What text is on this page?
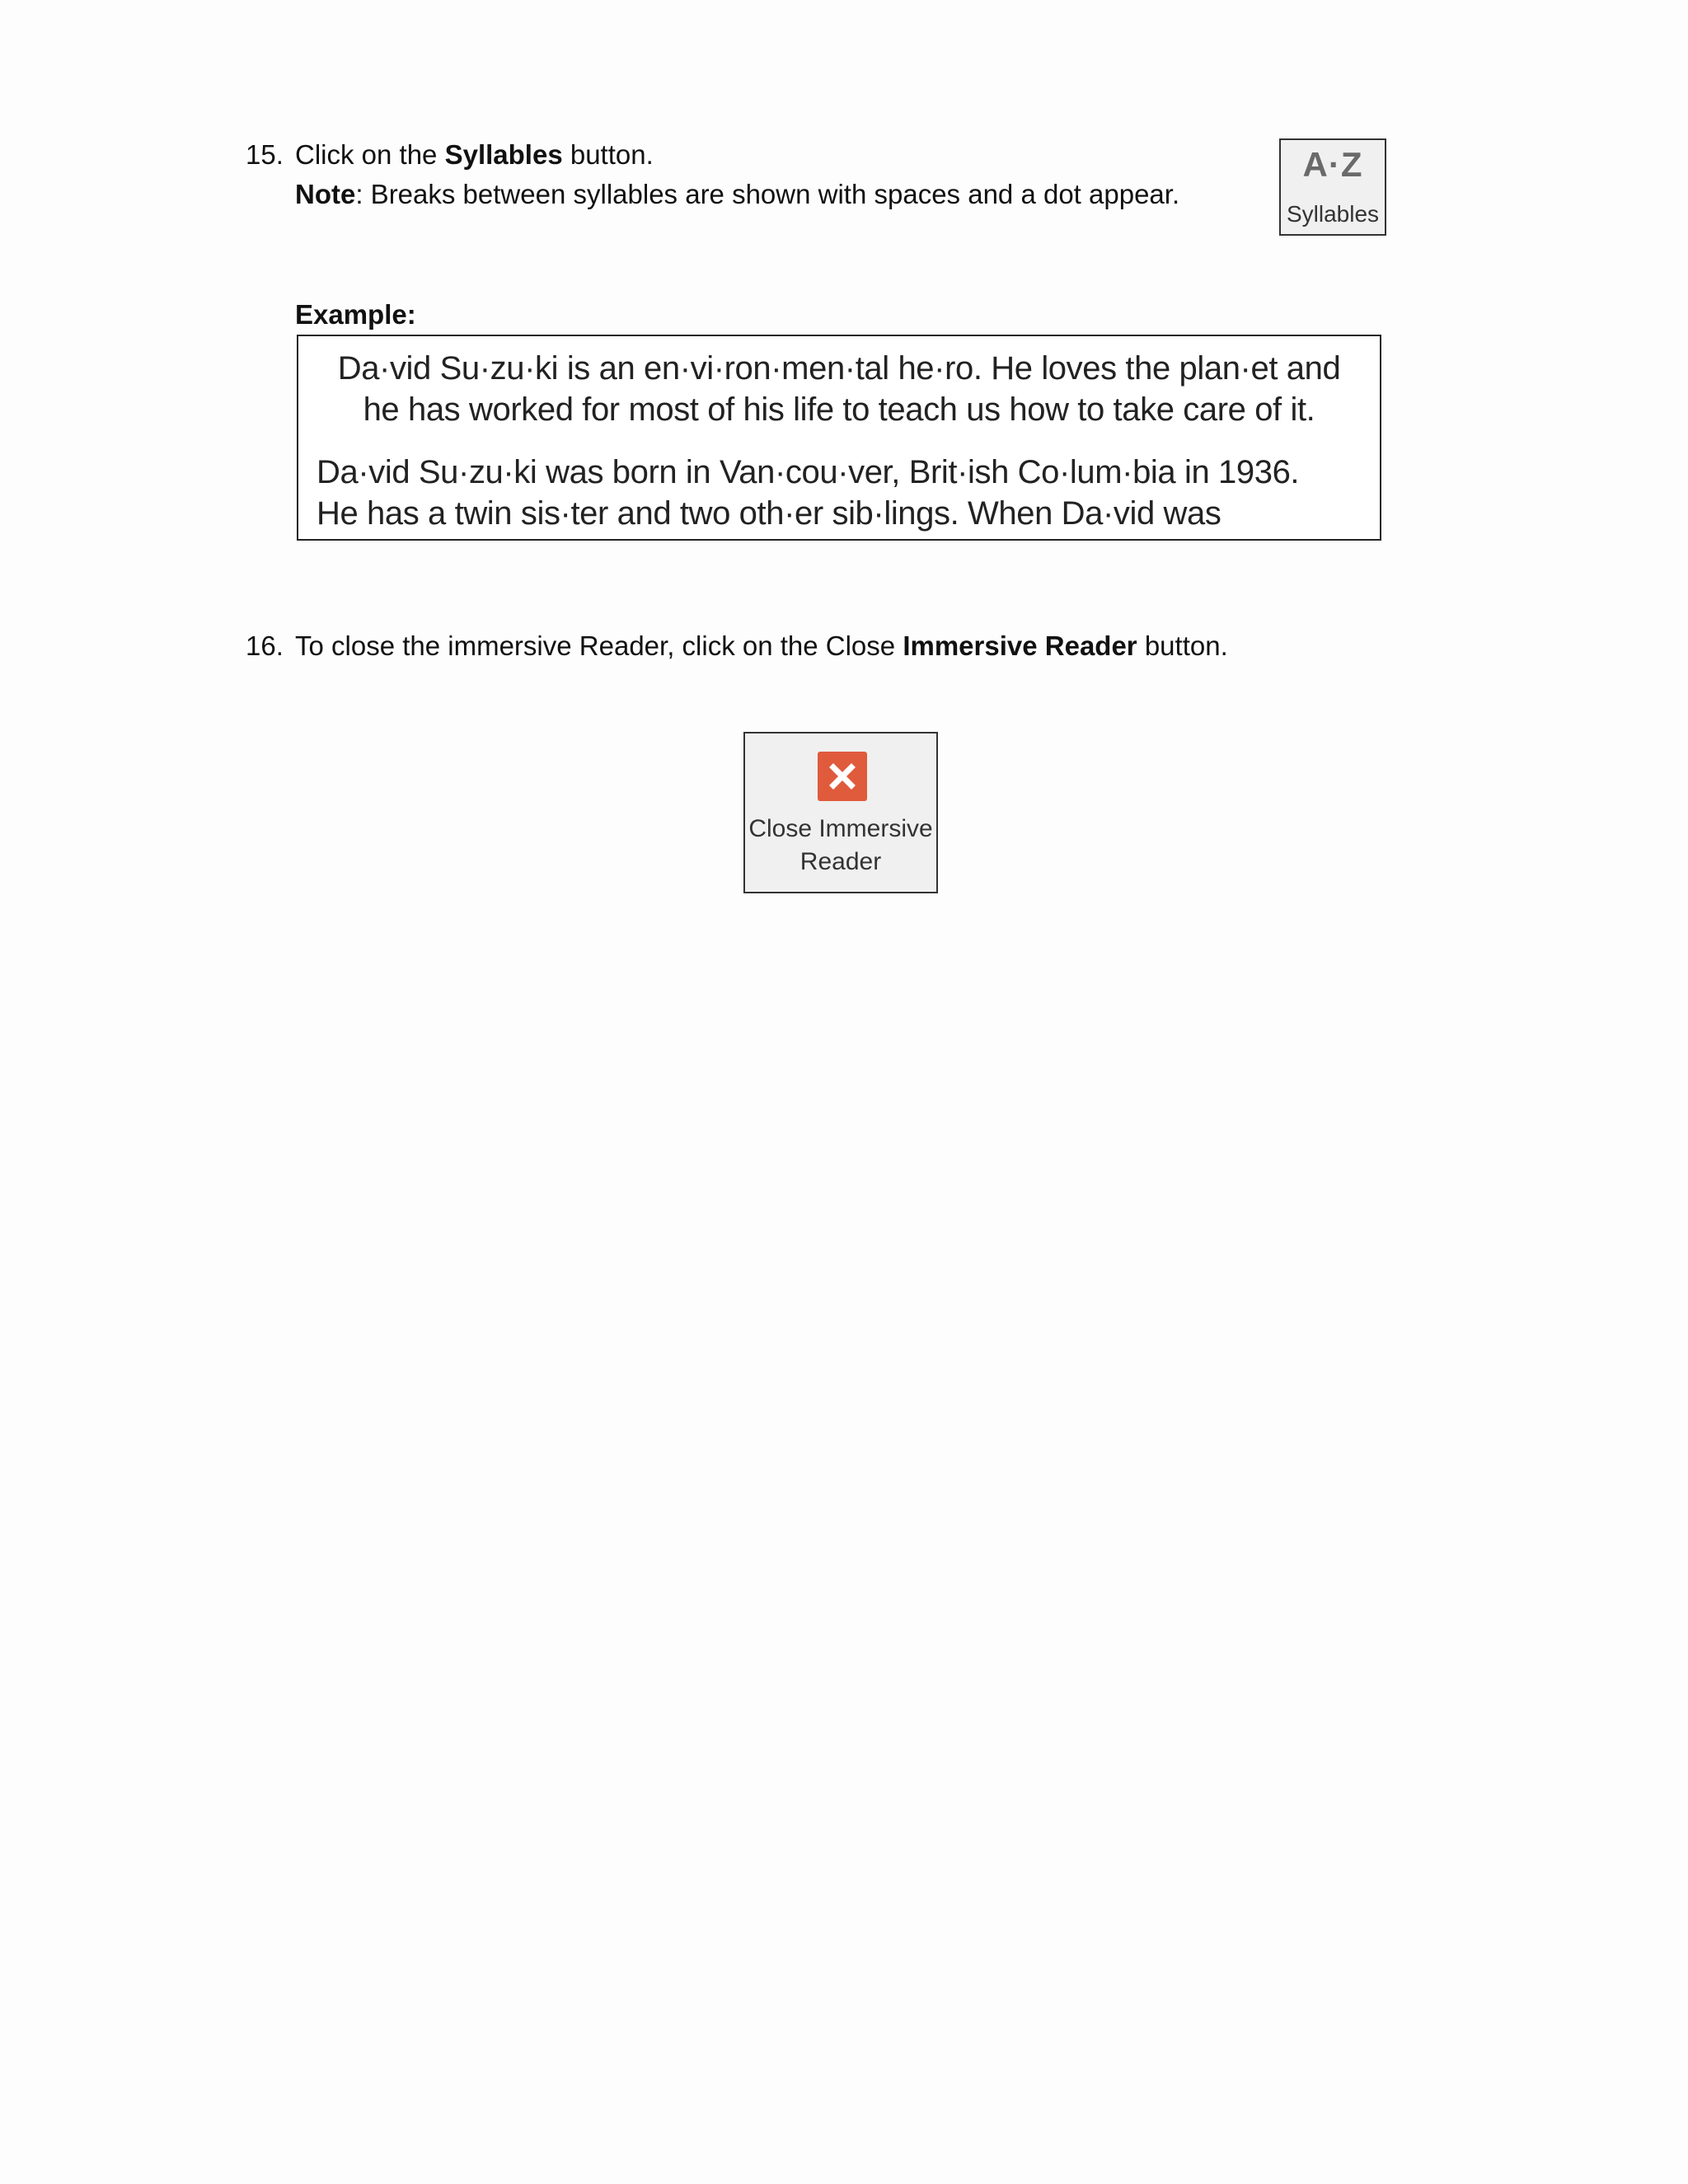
15. Click on the Syllables button.
Note: Breaks between syllables are shown with spaces and a dot appear.
A·Z
Syllables
Example:
Da·vid Su·zu·ki is an en·vi·ron·men·tal he·ro. He loves the plan·et and
he has worked for most of his life to teach us how to take care of it.
Da·vid Su·zu·ki was born in Van·cou·ver, Brit·ish Co·lum·bia in 1936.
He has a twin sis·ter and two oth·er sib·lings. When Da·vid was
16. To close the immersive Reader, click on the Close Immersive Reader button.
Close Immersive
Reader
